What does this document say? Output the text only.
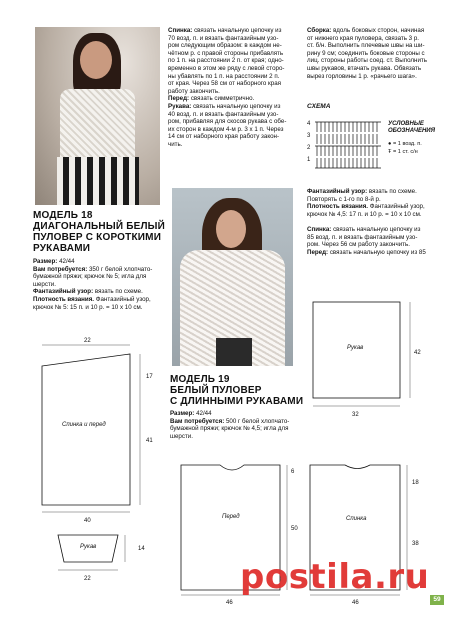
Спинка: связать начальную цепочку из
70 возд. п. и вязать фантазийным узо-
ром следующим образом: в каждом не-
чётном р. с правой стороны прибавлять
по 1 п. на расстоянии 2 п. от края; одно-
временно в этом же ряду с левой сторо-
ны убавлять по 1 п. на расстоянии 2 п.
от края. Через 58 см от наборного края
работу закончить.
Перед: связать симметрично.
Рукава: связать начальную цепочку из
40 возд. п. и вязать фантазийным узо-
ром, прибавляя для скосов рукава с обе-
их сторон в каждом 4-м р. 3 х 1 п. Через
14 см от наборного края работу закон-
чить.
Сборка: вдоль боковых сторон, начиная
от нижнего края пуловера, связать 3 р.
ст. б/н. Выполнить плечевые швы на ши-
рину 9 см; соединить боковые стороны с
лиц. стороны работы соед. ст. Выполнить
швы рукавов, втачать рукава. Обвязать
вырез горловины 1 р. «рачьего шага».
СХЕМА
4
3
2
1
УСЛОВНЫЕ
ОБОЗНАЧЕНИЯ
● = 1 возд. п.
Ŧ = 1 ст. с/н
МОДЕЛЬ 18
ДИАГОНАЛЬНЫЙ БЕЛЫЙ
ПУЛОВЕР С КОРОТКИМИ
РУКАВАМИ
Размер: 42/44
Вам потребуется: 350 г белой хлопчато-
бумажной пряжи; крючок № 5; игла для
шерсти.
Фантазийный узор: вязать по схеме.
Плотность вязания. Фантазийный узор,
крючок № 5: 15 п. и 10 р. = 10 х 10 см.
Фантазийный узор: вязать по схеме.
Повторять с 1-го по 8-й р.
Плотность вязания. Фантазийный узор,
крючок № 4,5: 17 п. и 10 р. = 10 х 10 см.

Спинка: связать начальную цепочку из
85 возд. п. и вязать фантазийным узо-
ром. Через 56 см работу закончить.
Перед: связать начальную цепочку из 85
МОДЕЛЬ 19
БЕЛЫЙ ПУЛОВЕР
С ДЛИННЫМИ РУКАВАМИ
Размер: 42/44
Вам потребуется: 500 г белой хлопчато-
бумажной пряжи; крючок № 4,5; игла для
шерсти.
Спинка и перед
22
17
41
40
Рукав	14
22
Рукав
42
32
Перед
6
50
46
Спинка
18
38
46
postila.ru
59
